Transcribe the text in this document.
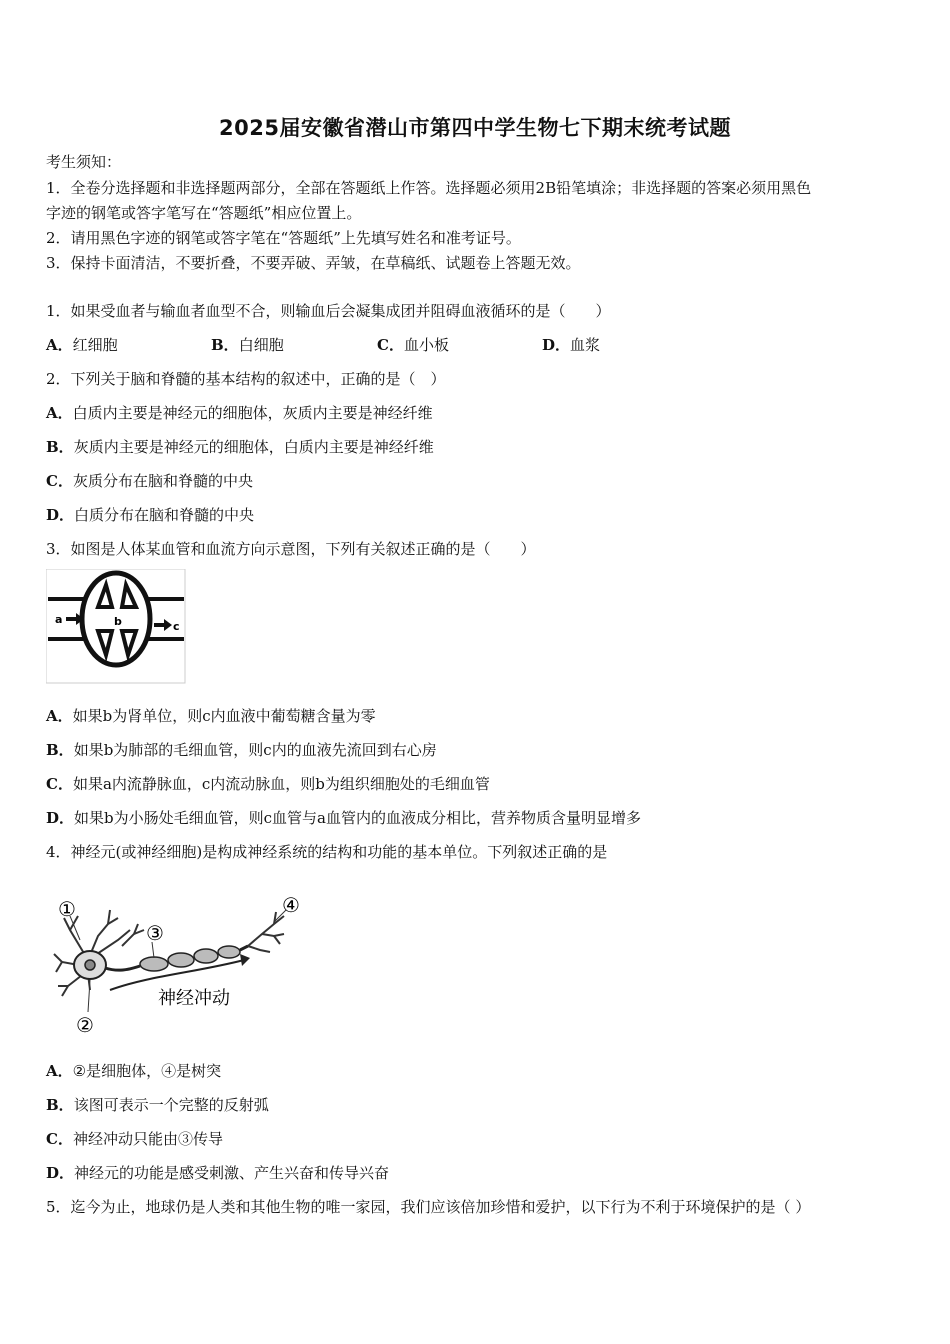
2025届安徽省潜山市第四中学生物七下期末统考试题
考生须知：
1．全卷分选择题和非选择题两部分，全部在答题纸上作答。选择题必须用2B铅笔填涂；非选择题的答案必须用黑色
字迹的钢笔或答字笔写在“答题纸”相应位置上。
2．请用黑色字迹的钢笔或答字笔在“答题纸”上先填写姓名和准考证号。
3．保持卡面清洁，不要折叠，不要弄破、弄皱，在草稿纸、试题卷上答题无效。
1．如果受血者与输血者血型不合，则输血后会凝集成团并阻碍血液循环的是（　　）
A．红细胞	B．白细胞	C．血小板	D．血浆
2．下列关于脑和脊髓的基本结构的叙述中，正确的是（　）
A．白质内主要是神经元的细胞体，灰质内主要是神经纤维
B．灰质内主要是神经元的细胞体，白质内主要是神经纤维
C．灰质分布在脑和脊髓的中央
D．白质分布在脑和脊髓的中央
3．如图是人体某血管和血流方向示意图，下列有关叙述正确的是（　　）
a	b	c
A．如果b为肾单位，则c内血液中葡萄糖含量为零
B．如果b为肺部的毛细血管，则c内的血液先流回到右心房
C．如果a内流静脉血，c内流动脉血，则b为组织细胞处的毛细血管
D．如果b为小肠处毛细血管，则c血管与a血管内的血液成分相比，营养物质含量明显增多
4．神经元(或神经细胞)是构成神经系统的结构和功能的基本单位。下列叙述正确的是
①
②
③
④
神经冲动
A．②是细胞体，④是树突
B．该图可表示一个完整的反射弧
C．神经冲动只能由③传导
D．神经元的功能是感受刺激、产生兴奋和传导兴奋
5．迄今为止，地球仍是人类和其他生物的唯一家园，我们应该倍加珍惜和爱护，以下行为不利于环境保护的是（ ）
